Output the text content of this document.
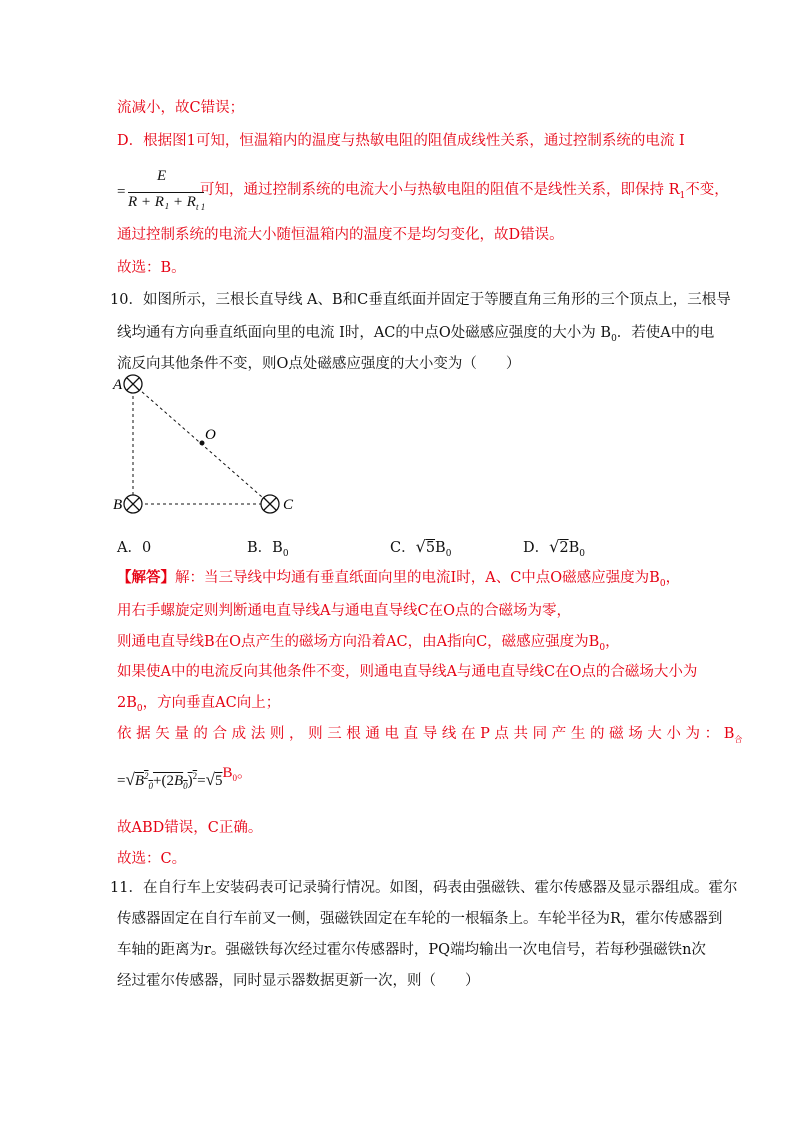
流减小，故C错误；
D．根据图1可知，恒温箱内的温度与热敏电阻的阻值成线性关系，通过控制系统的电流 I
=
E
$R + R_1 + R_{t 1}$
可知，通过控制系统的电流大小与热敏电阻的阻值不是线性关系，即保持 $R_1$不变，
通过控制系统的电流大小随恒温箱内的温度不是均匀变化，故D错误。
故选：B。
10．如图所示，三根长直导线 A、B和C垂直纸面并固定于等腰直角三角形的三个顶点上，三根导
线均通有方向垂直纸面向里的电流 I时，AC的中点O处磁感应强度的大小为 $B_0$．若使A中的电
流反向其他条件不变，则O点处磁感应强度的大小变为（　　）
A
B	C
O
A．0	B．$B_0$	C．$√5B_0$	D．$√2B_0$
【解答】解：当三导线中均通有垂直纸面向里的电流I时，A、C中点O磁感应强度为$B_0$，
用右手螺旋定则判断通电直导线A与通电直导线C在O点的合磁场为零，
则通电直导线B在O点产生的磁场方向沿着AC，由A指向C，磁感应强度为$B_0$，
如果使A中的电流反向其他条件不变，则通电直导线A与通电直导线C在O点的合磁场大小为
$2B_0$，方向垂直AC向上；
依 据 矢 量 的 合 成 法 则 ， 则 三 根 通 电 直 导 线 在 P 点 共 同 产 生 的 磁 场 大 小 为 ： $B_合$
$=√B^2_0+(2B_0)^2=√5B_0$。
故ABD错误，C正确。
故选：C。
11．在自行车上安装码表可记录骑行情况。如图，码表由强磁铁、霍尔传感器及显示器组成。霍尔
传感器固定在自行车前叉一侧，强磁铁固定在车轮的一根辐条上。车轮半径为R，霍尔传感器到
车轴的距离为r。强磁铁每次经过霍尔传感器时，PQ端均输出一次电信号，若每秒强磁铁n次
经过霍尔传感器，同时显示器数据更新一次，则（　　）
